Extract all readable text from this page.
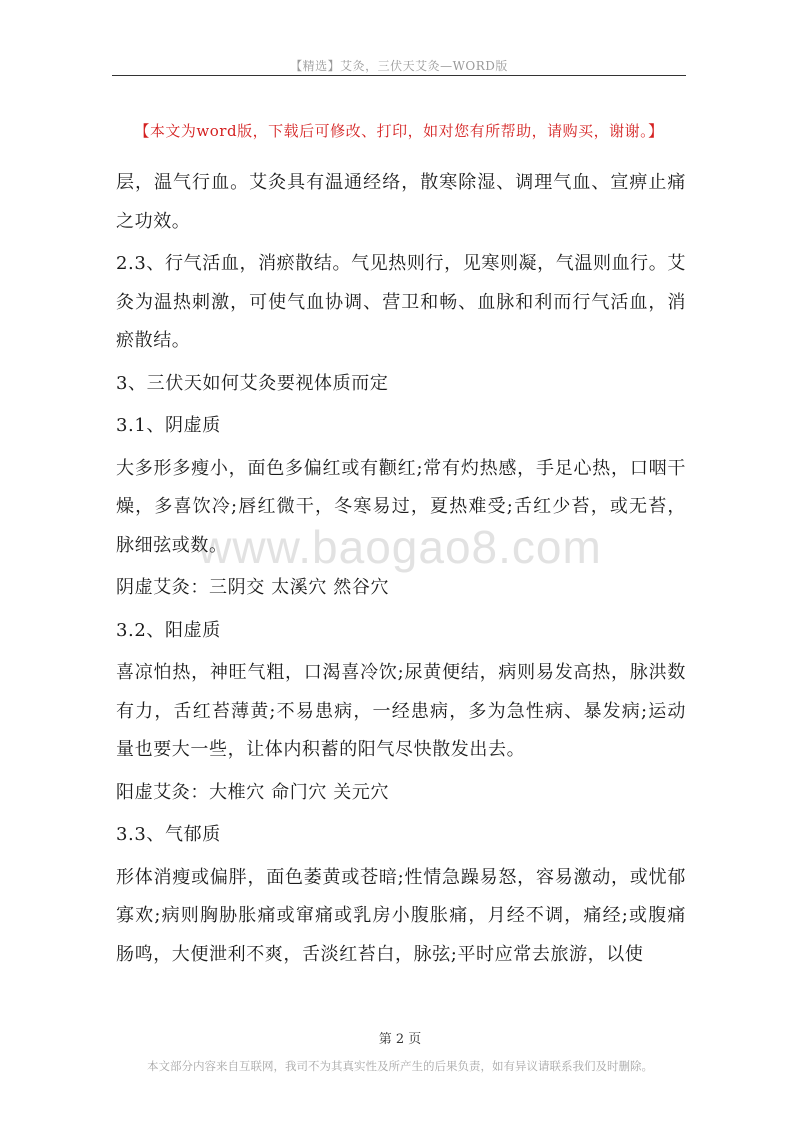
【精选】艾灸，三伏天艾灸—WORD版
【本文为word版，下载后可修改、打印，如对您有所帮助，请购买，谢谢。】
www.baogao8.com

层，温气行血。艾灸具有温通经络，散寒除湿、调理气血、宣痹止痛之功效。

2.3、行气活血，消瘀散结。气见热则行，见寒则凝，气温则血行。艾灸为温热刺激，可使气血协调、营卫和畅、血脉和利而行气活血，消瘀散结。

3、三伏天如何艾灸要视体质而定

3.1、阴虚质

大多形多瘦小，面色多偏红或有颧红;常有灼热感，手足心热，口咽干燥，多喜饮冷;唇红微干，冬寒易过，夏热难受;舌红少苔，或无苔，脉细弦或数。

阴虚艾灸：三阴交 太溪穴 然谷穴

3.2、阳虚质

喜凉怕热，神旺气粗，口渴喜冷饮;尿黄便结，病则易发高热，脉洪数有力，舌红苔薄黄;不易患病，一经患病，多为急性病、暴发病;运动量也要大一些，让体内积蓄的阳气尽快散发出去。

阳虚艾灸：大椎穴 命门穴 关元穴

3.3、气郁质

形体消瘦或偏胖，面色萎黄或苍暗;性情急躁易怒，容易激动，或忧郁寡欢;病则胸胁胀痛或窜痛或乳房小腹胀痛，月经不调，痛经;或腹痛肠鸣，大便泄利不爽，舌淡红苔白，脉弦;平时应常去旅游，以使

第 2 页
本文部分内容来自互联网，我司不为其真实性及所产生的后果负责，如有异议请联系我们及时删除。
